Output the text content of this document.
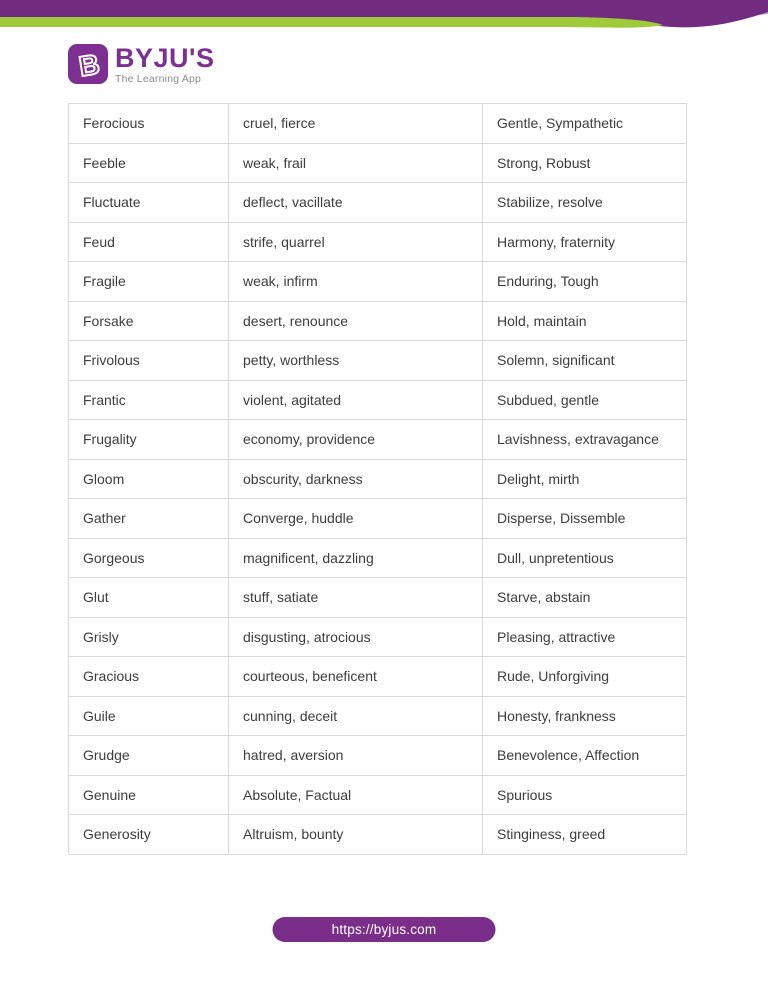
B BYJU'S
The Learning App
Ferocious	cruel, fierce	Gentle, Sympathetic
Feeble	weak, frail	Strong, Robust
Fluctuate	deflect, vacillate	Stabilize, resolve
Feud	strife, quarrel	Harmony, fraternity
Fragile	weak, infirm	Enduring, Tough
Forsake	desert, renounce	Hold, maintain
Frivolous	petty, worthless	Solemn, significant
Frantic	violent, agitated	Subdued, gentle
Frugality	economy, providence	Lavishness, extravagance
Gloom	obscurity, darkness	Delight, mirth
Gather	Converge, huddle	Disperse, Dissemble
Gorgeous	magnificent, dazzling	Dull, unpretentious
Glut	stuff, satiate	Starve, abstain
Grisly	disgusting, atrocious	Pleasing, attractive
Gracious	courteous, beneficent	Rude, Unforgiving
Guile	cunning, deceit	Honesty, frankness
Grudge	hatred, aversion	Benevolence, Affection
Genuine	Absolute, Factual	Spurious
Generosity	Altruism, bounty	Stinginess, greed
https://byjus.com
